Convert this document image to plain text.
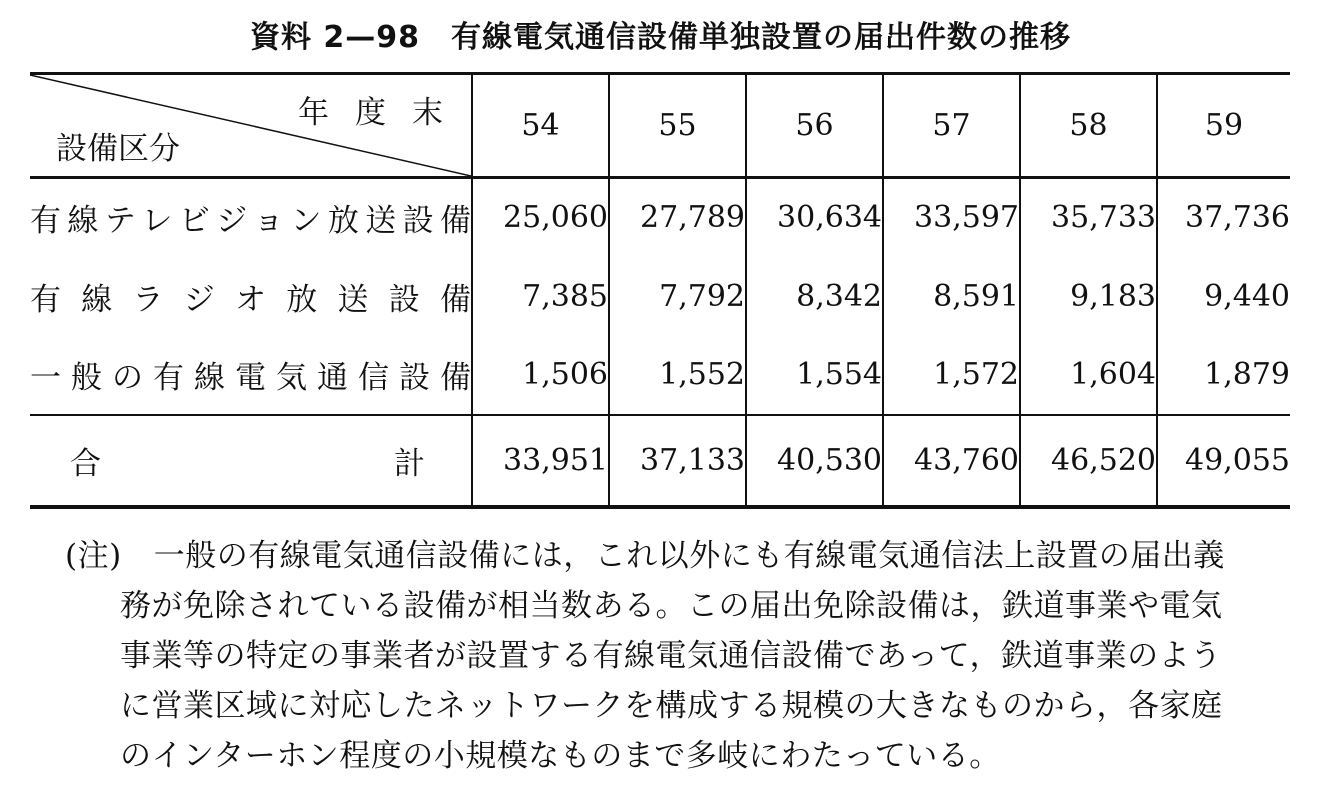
資料 2—98　有線電気通信設備単独設置の届出件数の推移
年度末
設備区分	54	55	56	57	58	59
有線テレビジョン放送設備	25,060	27,789	30,634	33,597	35,733	37,736
有線ラジオ放送設備	7,385	7,792	8,342	8,591	9,183	9,440
一般の有線電気通信設備	1,506	1,552	1,554	1,572	1,604	1,879
合計	33,951	37,133	40,530	43,760	46,520	49,055
(注) 一般の有線電気通信設備には，これ以外にも有線電気通信法上設置の届出義
務が免除されている設備が相当数ある。この届出免除設備は，鉄道事業や電気
事業等の特定の事業者が設置する有線電気通信設備であって，鉄道事業のよう
に営業区域に対応したネットワークを構成する規模の大きなものから，各家庭
のインターホン程度の小規模なものまで多岐にわたっている。
